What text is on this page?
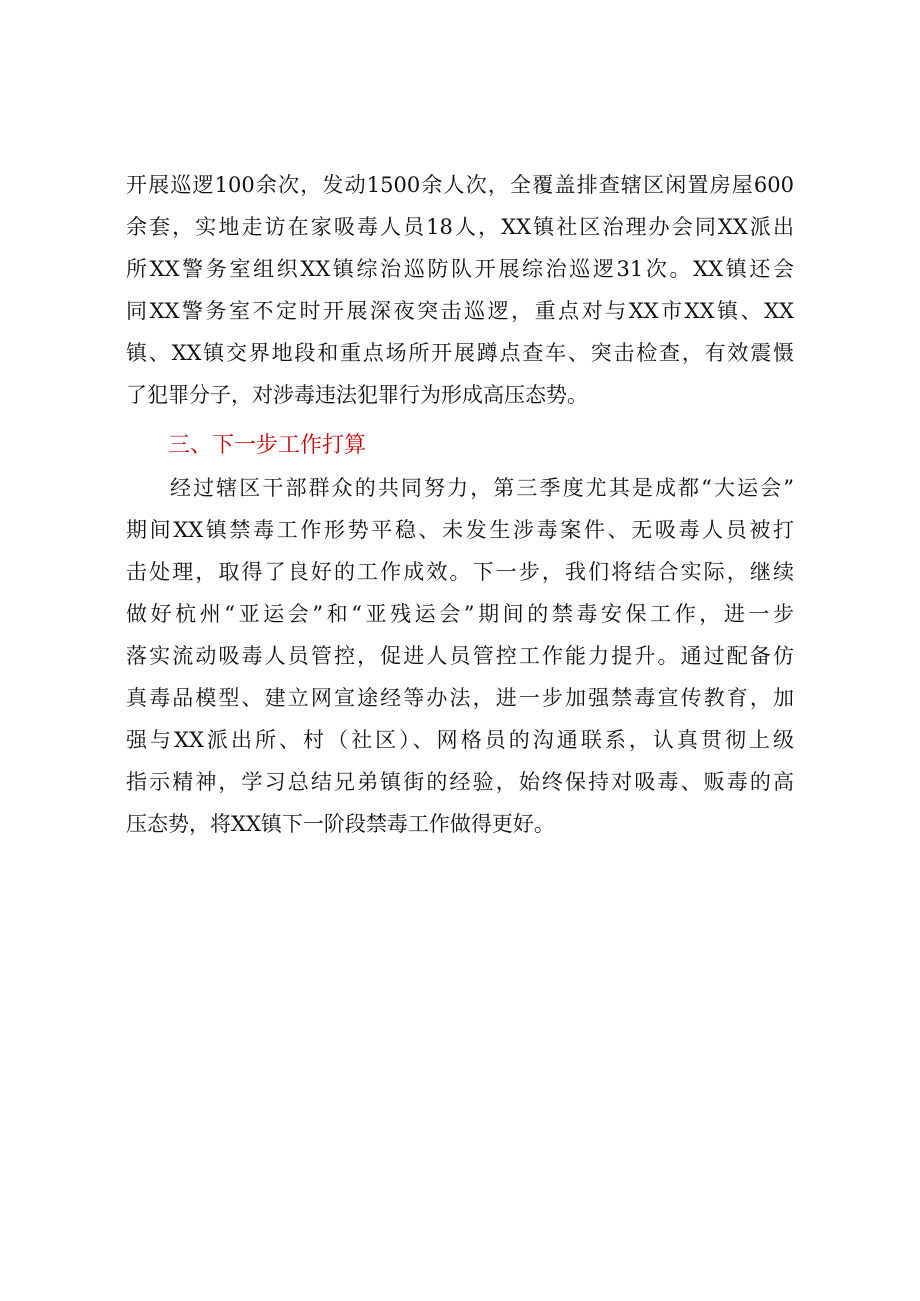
开展巡逻100余次，发动1500余人次，全覆盖排查辖区闲置房屋600
余套，实地走访在家吸毒人员18人，XX镇社区治理办会同XX派出
所XX警务室组织XX镇综治巡防队开展综治巡逻31次。XX镇还会
同XX警务室不定时开展深夜突击巡逻，重点对与XX市XX镇、XX
镇、XX镇交界地段和重点场所开展蹲点查车、突击检查，有效震慑
了犯罪分子，对涉毒违法犯罪行为形成高压态势。
三、下一步工作打算
经过辖区干部群众的共同努力，第三季度尤其是成都“大运会”
期间XX镇禁毒工作形势平稳、未发生涉毒案件、无吸毒人员被打
击处理，取得了良好的工作成效。下一步，我们将结合实际，继续
做好杭州“亚运会”和“亚残运会”期间的禁毒安保工作，进一步
落实流动吸毒人员管控，促进人员管控工作能力提升。通过配备仿
真毒品模型、建立网宣途经等办法，进一步加强禁毒宣传教育，加
强与XX派出所、村（社区）、网格员的沟通联系，认真贯彻上级
指示精神，学习总结兄弟镇街的经验，始终保持对吸毒、贩毒的高
压态势，将XX镇下一阶段禁毒工作做得更好。
